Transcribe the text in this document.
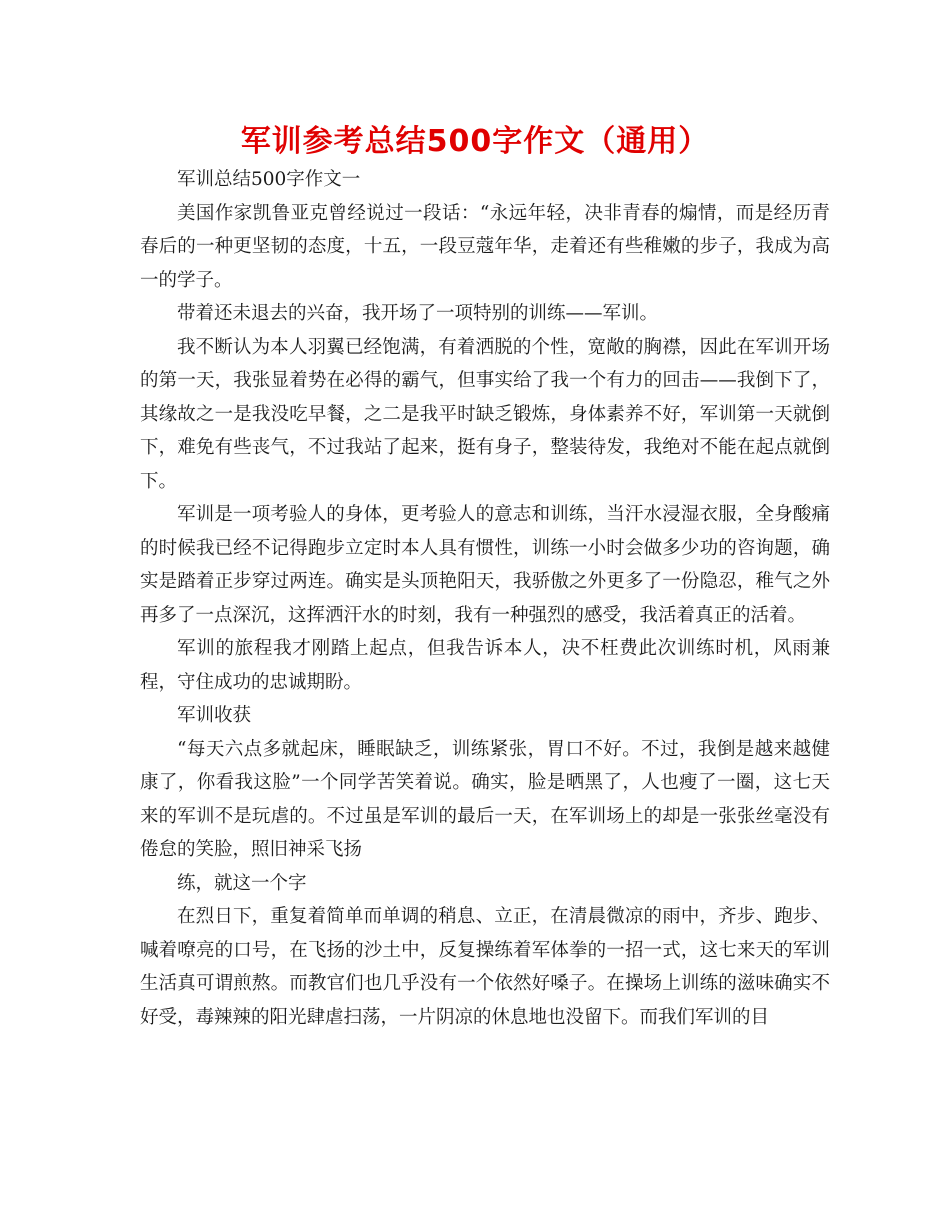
军训参考总结500字作文（通用）

军训总结500字作文一

美国作家凯鲁亚克曾经说过一段话：“永远年轻，决非青春的煽情，而是经历青春后的一种更坚韧的态度，十五，一段豆蔻年华，走着还有些稚嫩的步子，我成为高一的学子。

带着还未退去的兴奋，我开场了一项特别的训练——军训。

我不断认为本人羽翼已经饱满，有着洒脱的个性，宽敞的胸襟，因此在军训开场的第一天，我张显着势在必得的霸气，但事实给了我一个有力的回击——我倒下了，其缘故之一是我没吃早餐，之二是我平时缺乏锻炼，身体素养不好，军训第一天就倒下，难免有些丧气，不过我站了起来，挺有身子，整装待发，我绝对不能在起点就倒下。

军训是一项考验人的身体，更考验人的意志和训练，当汗水浸湿衣服，全身酸痛的时候我已经不记得跑步立定时本人具有惯性，训练一小时会做多少功的咨询题，确实是踏着正步穿过两连。确实是头顶艳阳天，我骄傲之外更多了一份隐忍，稚气之外再多了一点深沉，这挥洒汗水的时刻，我有一种强烈的感受，我活着真正的活着。

军训的旅程我才刚踏上起点，但我告诉本人，决不枉费此次训练时机，风雨兼程，守住成功的忠诚期盼。

军训收获

“每天六点多就起床，睡眠缺乏，训练紧张，胃口不好。不过，我倒是越来越健康了，你看我这脸”一个同学苦笑着说。确实，脸是晒黑了，人也瘦了一圈，这七天来的军训不是玩虐的。不过虽是军训的最后一天，在军训场上的却是一张张丝毫没有倦怠的笑脸，照旧神采飞扬

练，就这一个字

在烈日下，重复着简单而单调的稍息、立正，在清晨微凉的雨中，齐步、跑步、喊着嘹亮的口号，在飞扬的沙土中，反复操练着军体拳的一招一式，这七来天的军训生活真可谓煎熬。而教官们也几乎没有一个依然好嗓子。在操场上训练的滋味确实不好受，毒辣辣的阳光肆虐扫荡，一片阴凉的休息地也没留下。而我们军训的目
